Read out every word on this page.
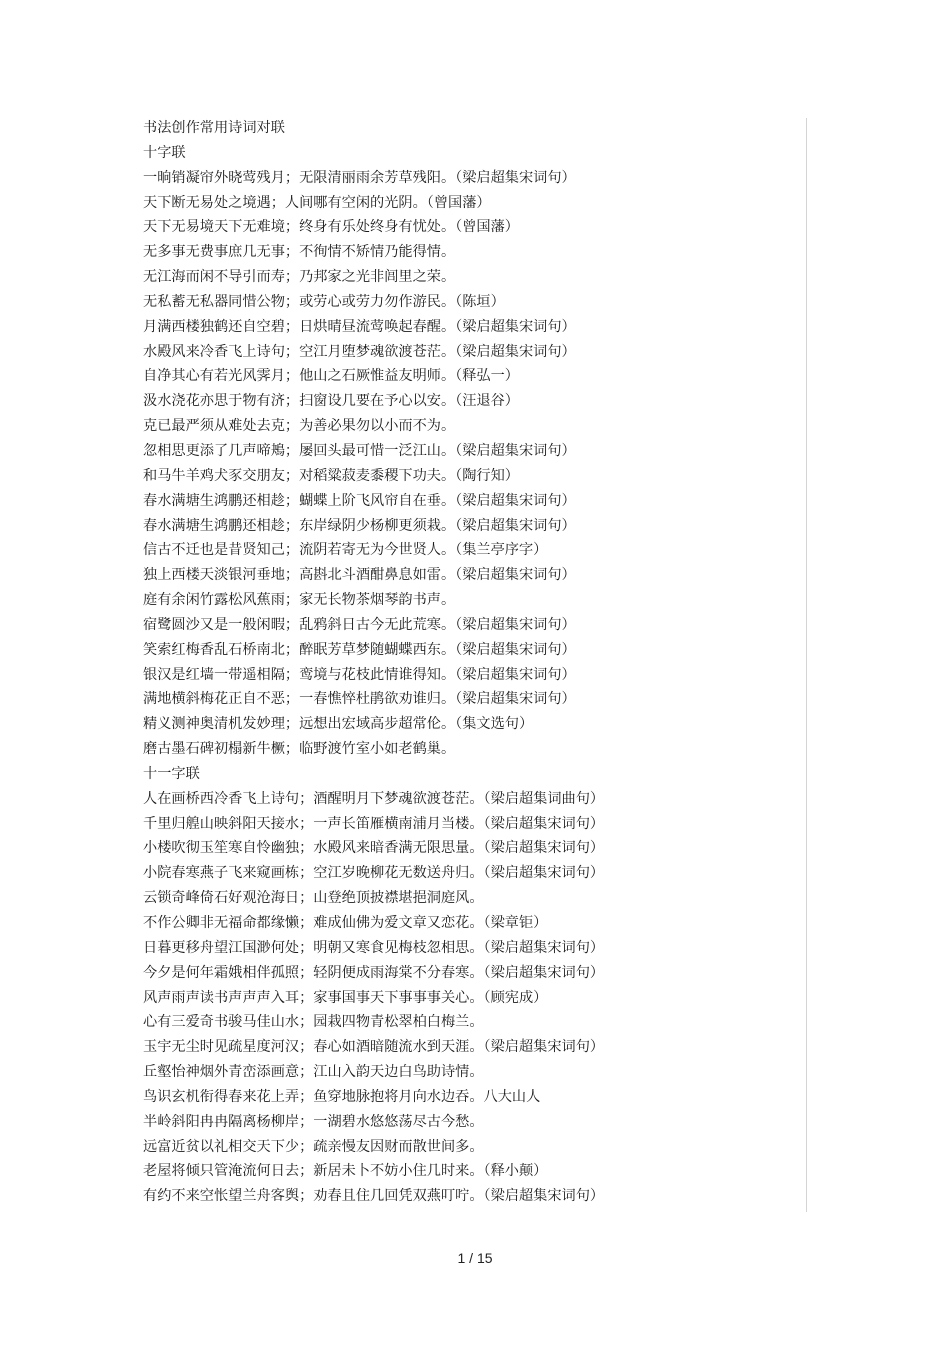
书法创作常用诗词对联
十字联
一晌销凝帘外晓莺残月；无限清丽雨余芳草残阳。（梁启超集宋词句）
天下断无易处之境遇；人间哪有空闲的光阴。（曾国藩）
天下无易境天下无难境；终身有乐处终身有忧处。（曾国藩）
无多事无费事庶几无事；不徇情不矫情乃能得情。
无江海而闲不导引而寿；乃邦家之光非闾里之荣。
无私蓄无私器同惜公物；或劳心或劳力勿作游民。（陈垣）
月满西楼独鹤还自空碧；日烘晴昼流莺唤起春醒。（梁启超集宋词句）
水殿风来冷香飞上诗句；空江月堕梦魂欲渡苍茫。（梁启超集宋词句）
自净其心有若光风霁月；他山之石厥惟益友明师。（释弘一）
汲水浇花亦思于物有济；扫窗设几要在予心以安。（汪退谷）
克已最严须从难处去克；为善必果勿以小而不为。
忽相思更添了几声啼鴂；屡回头最可惜一泛江山。（梁启超集宋词句）
和马牛羊鸡犬豕交朋友；对稻粱菽麦黍稷下功夫。（陶行知）
春水满塘生鸿鹏还相趁；蝴蝶上阶飞风帘自在垂。（梁启超集宋词句）
春水满塘生鸿鹏还相趁；东岸绿阴少杨柳更须栽。（梁启超集宋词句）
信古不迁也是昔贤知己；流阴若寄无为今世贤人。（集兰亭序字）
独上西楼天淡银河垂地；高斟北斗酒酣鼻息如雷。（梁启超集宋词句）
庭有余闲竹露松风蕉雨；家无长物茶烟琴韵书声。
宿鹭圆沙又是一般闲暇；乱鸦斜日古今无此荒寒。（梁启超集宋词句）
笑索红梅香乱石桥南北；醉眠芳草梦随蝴蝶西东。（梁启超集宋词句）
银汉是红墙一带遥相隔；鸾境与花枝此情谁得知。（梁启超集宋词句）
满地横斜梅花正自不恶；一春憔悴杜鹃欲劝谁归。（梁启超集宋词句）
精义测神奥清机发妙理；远想出宏域高步超常伦。（集文选句）
磨古墨石碑初榻新牛橛；临野渡竹室小如老鹤巢。
十一字联
人在画桥西冷香飞上诗句；酒醒明月下梦魂欲渡苍茫。（梁启超集词曲句）
千里归艎山映斜阳天接水；一声长笛雁横南浦月当楼。（梁启超集宋词句）
小楼吹彻玉笙寒自怜幽独；水殿风来暗香满无限思量。（梁启超集宋词句）
小院春寒燕子飞来窥画栋；空江岁晚柳花无数送舟归。（梁启超集宋词句）
云锁奇峰倚石好观沧海日；山登绝顶披襟堪挹洞庭风。
不作公卿非无福命都缘懒；难成仙佛为爱文章又恋花。（梁章钜）
日暮更移舟望江国渺何处；明朝又寒食见梅枝忽相思。（梁启超集宋词句）
今夕是何年霜娥相伴孤照；轻阴便成雨海棠不分春寒。（梁启超集宋词句）
风声雨声读书声声声入耳；家事国事天下事事事关心。（顾宪成）
心有三爱奇书骏马佳山水；园栽四物青松翠柏白梅兰。
玉宇无尘时见疏星度河汉；春心如酒暗随流水到天涯。（梁启超集宋词句）
丘壑怡神烟外青峦添画意；江山入韵天边白鸟助诗情。
鸟识玄机衔得春来花上弄；鱼穿地脉抱将月向水边吞。八大山人
半岭斜阳冉冉隔离杨柳岸；一湖碧水悠悠荡尽古今愁。
远富近贫以礼相交天下少；疏亲慢友因财而散世间多。
老屋将倾只管淹流何日去；新居未卜不妨小住几时来。（释小颠）
有约不来空怅望兰舟客舆；劝春且住几回凭双燕叮咛。（梁启超集宋词句）
1 / 15
